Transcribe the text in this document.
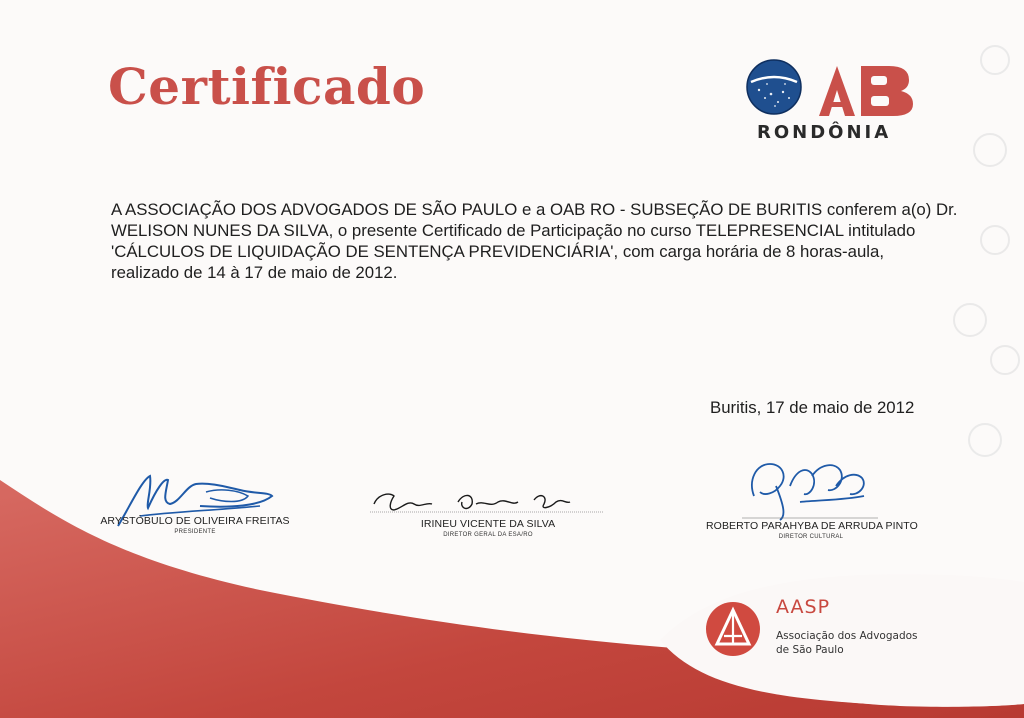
Certificado
RONDÔNIA

A ASSOCIAÇÃO DOS ADVOGADOS DE SÃO PAULO e a OAB RO - SUBSEÇÃO DE BURITIS conferem a(o) Dr.
WELISON NUNES DA SILVA, o presente Certificado de Participação no curso TELEPRESENCIAL intitulado
'CÁLCULOS DE LIQUIDAÇÃO DE SENTENÇA PREVIDENCIÁRIA', com carga horária de 8 horas-aula,
realizado de 14 à 17 de maio de 2012.

Buritis, 17 de maio de 2012
ARYSTÓBULO DE OLIVEIRA FREITAS
PRESIDENTE
IRINEU VICENTE DA SILVA
DIRETOR GERAL DA ESA/RO
ROBERTO PARAHYBA DE ARRUDA PINTO
DIRETOR CULTURAL
AASP
Associação dos Advogados
de São Paulo
